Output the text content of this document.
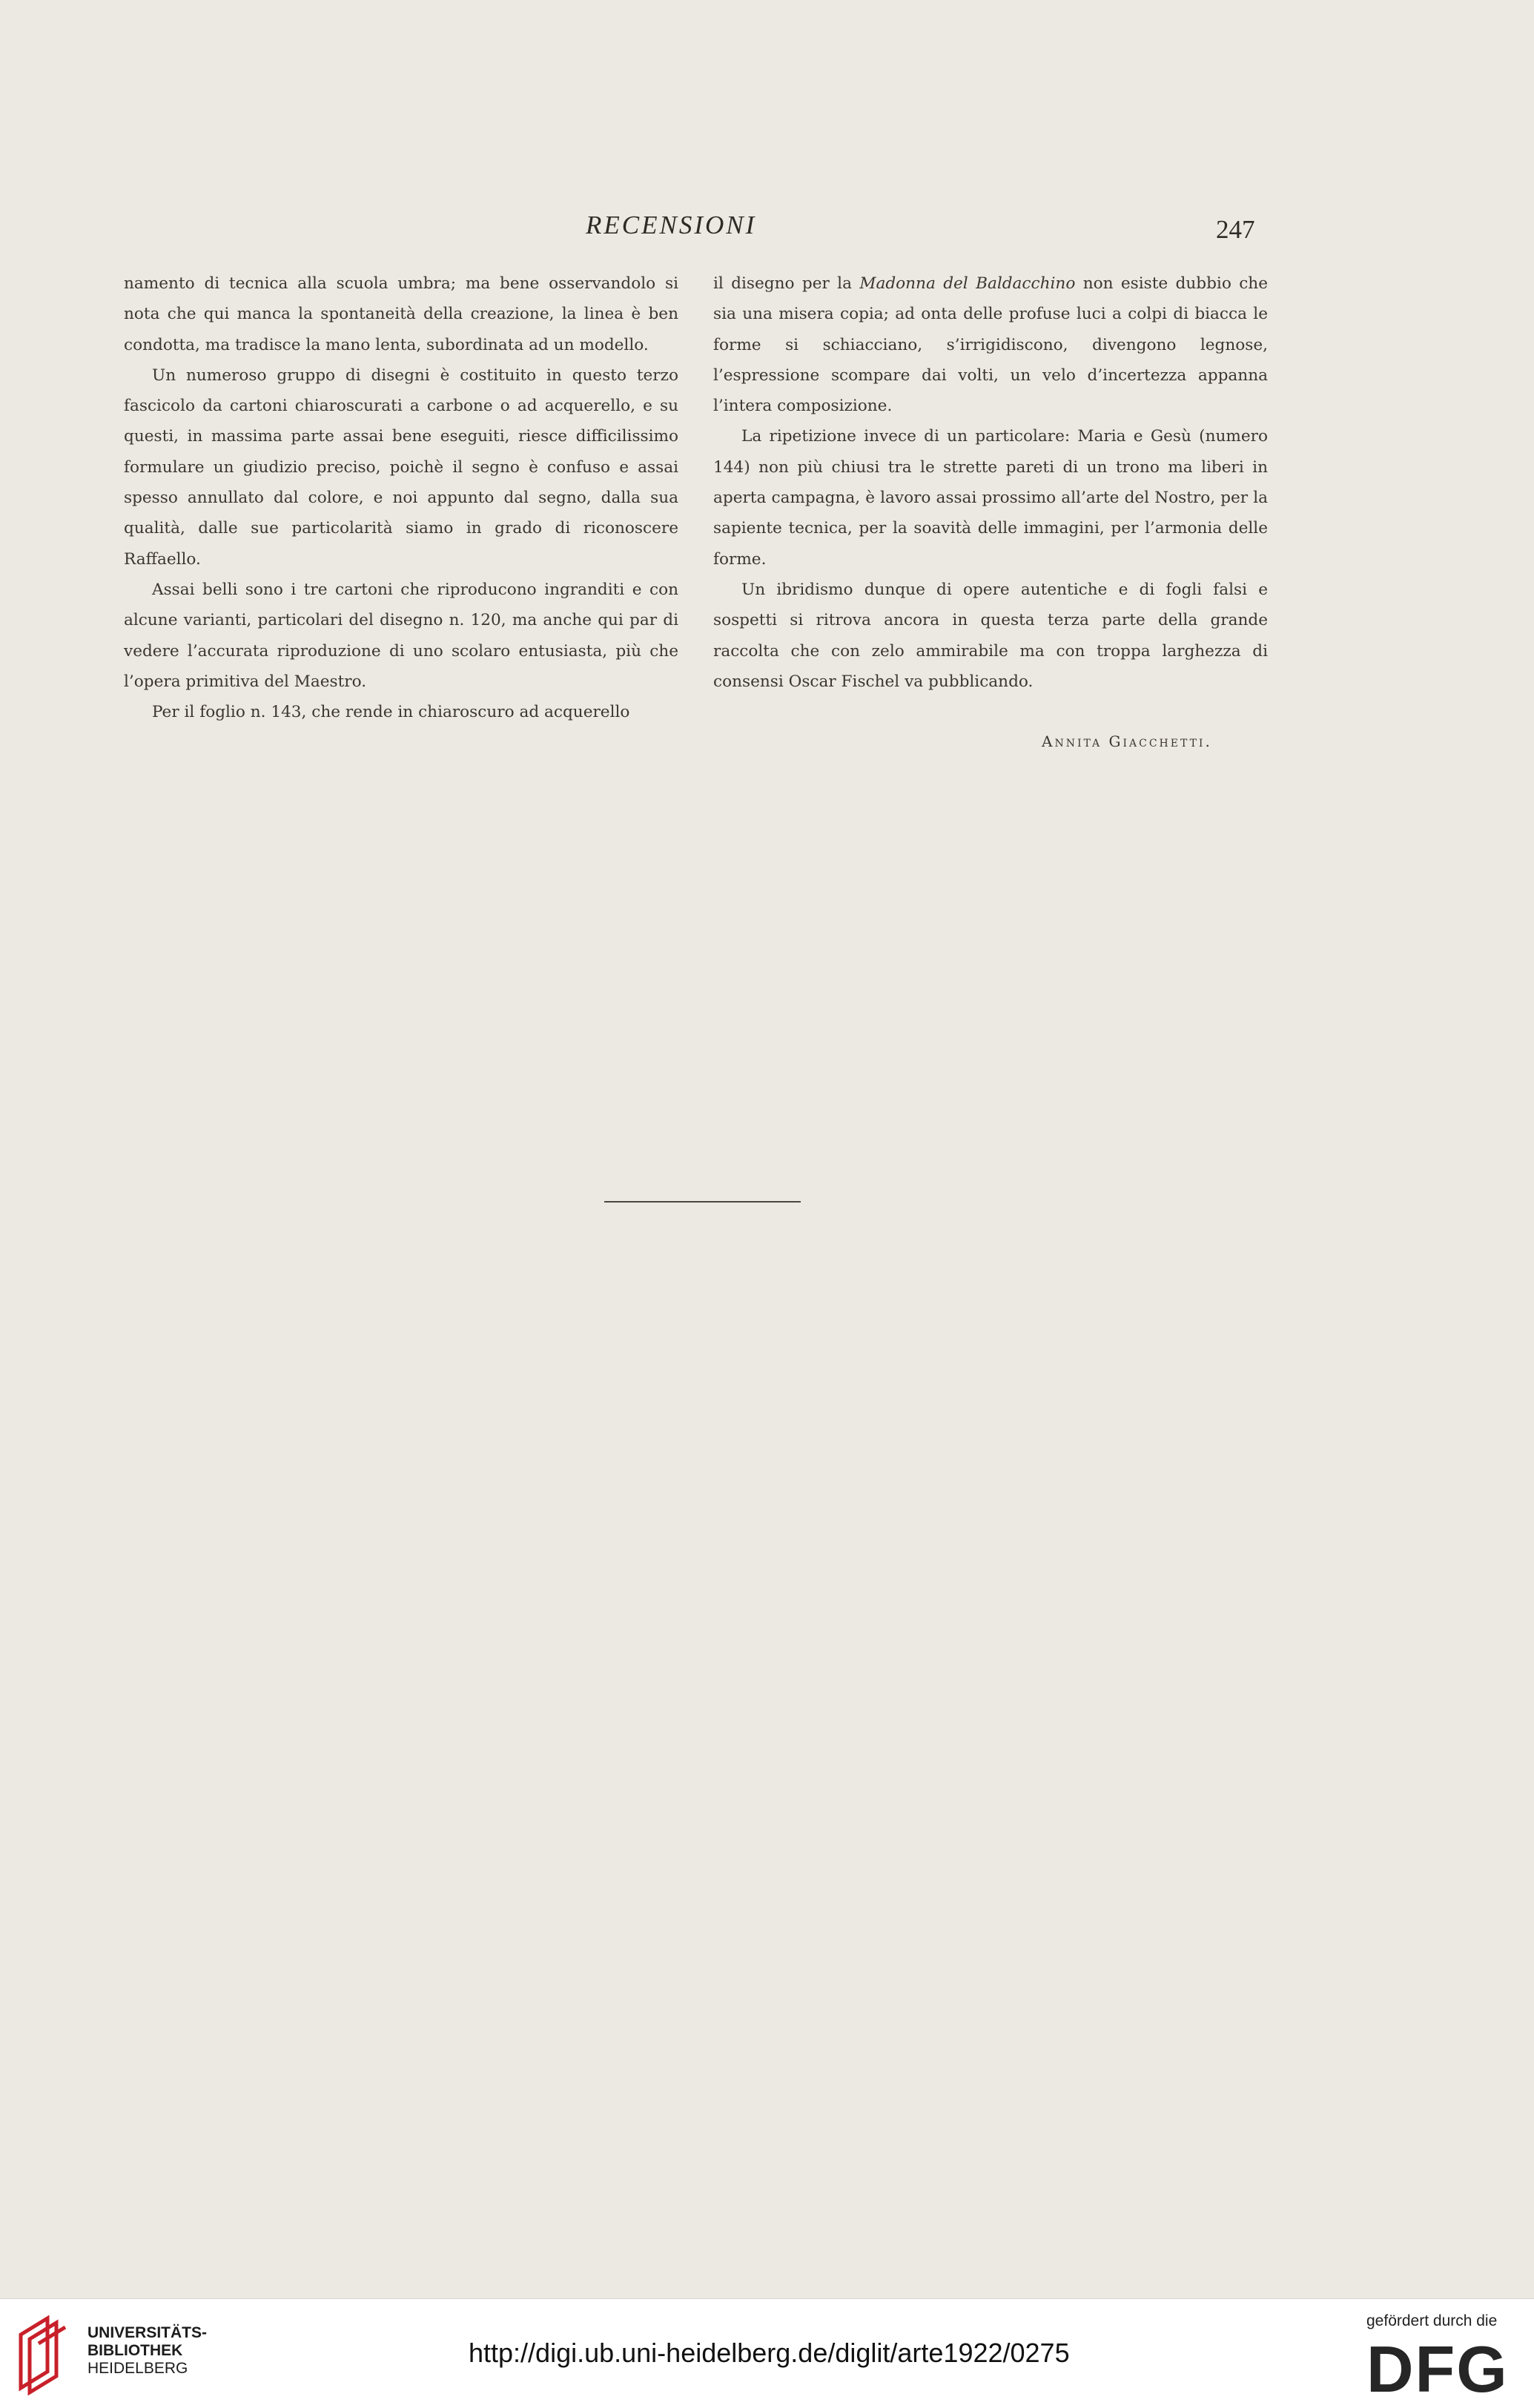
RECENSIONI	247

namento di tecnica alla scuola umbra; ma bene osservandolo si nota che qui manca la spontaneità della creazione, la linea è ben condotta, ma tradisce la mano lenta, subordinata ad un modello.

Un numeroso gruppo di disegni è costituito in questo terzo fascicolo da cartoni chiaroscurati a carbone o ad acquerello, e su questi, in massima parte assai bene eseguiti, riesce difficilissimo formulare un giudizio preciso, poichè il segno è confuso e assai spesso annullato dal colore, e noi appunto dal segno, dalla sua qualità, dalle sue particolarità siamo in grado di riconoscere Raffaello.

Assai belli sono i tre cartoni che riproducono ingranditi e con alcune varianti, particolari del disegno n. 120, ma anche qui par di vedere l’accurata riproduzione di uno scolaro entusiasta, più che l’opera primitiva del Maestro.

Per il foglio n. 143, che rende in chiaroscuro ad acquerello

il disegno per la Madonna del Baldacchino non esiste dubbio che sia una misera copia; ad onta delle profuse luci a colpi di biacca le forme si schiacciano, s’irrigidiscono, divengono legnose, l’espressione scompare dai volti, un velo d’incertezza appanna l’intera composizione.

La ripetizione invece di un particolare: Maria e Gesù (numero 144) non più chiusi tra le strette pareti di un trono ma liberi in aperta campagna, è lavoro assai prossimo all’arte del Nostro, per la sapiente tecnica, per la soavità delle immagini, per l’armonia delle forme.

Un ibridismo dunque di opere autentiche e di fogli falsi e sospetti si ritrova ancora in questa terza parte della grande raccolta che con zelo ammirabile ma con troppa larghezza di consensi Oscar Fischel va pubblicando.

Annita Giacchetti.
UNIVERSITÄTS-
BIBLIOTHEK
HEIDELBERG
http://digi.ub.uni-heidelberg.de/diglit/arte1922/0275
gefördert durch die
DFG
